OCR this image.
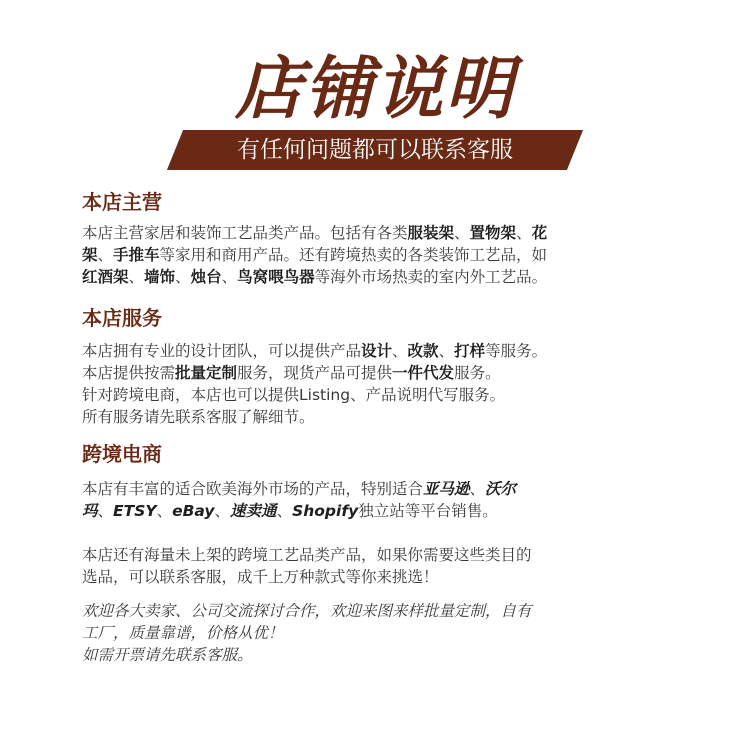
店铺说明
有任何问题都可以联系客服
本店主营
本店主营家居和装饰工艺品类产品。包括有各类服装架、置物架、花
架、手推车等家用和商用产品。还有跨境热卖的各类装饰工艺品，如
红酒架、墙饰、烛台、鸟窝喂鸟器等海外市场热卖的室内外工艺品。
本店服务
本店拥有专业的设计团队，可以提供产品设计、改款、打样等服务。
本店提供按需批量定制服务，现货产品可提供一件代发服务。
针对跨境电商，本店也可以提供Listing、产品说明代写服务。
所有服务请先联系客服了解细节。
跨境电商
本店有丰富的适合欧美海外市场的产品，特别适合亚马逊、沃尔
玛、ETSY、eBay、速卖通、Shopify独立站等平台销售。
本店还有海量未上架的跨境工艺品类产品，如果你需要这些类目的
选品，可以联系客服，成千上万种款式等你来挑选！
欢迎各大卖家、公司交流探讨合作，欢迎来图来样批量定制，自有
工厂，质量靠谱，价格从优！
如需开票请先联系客服。
